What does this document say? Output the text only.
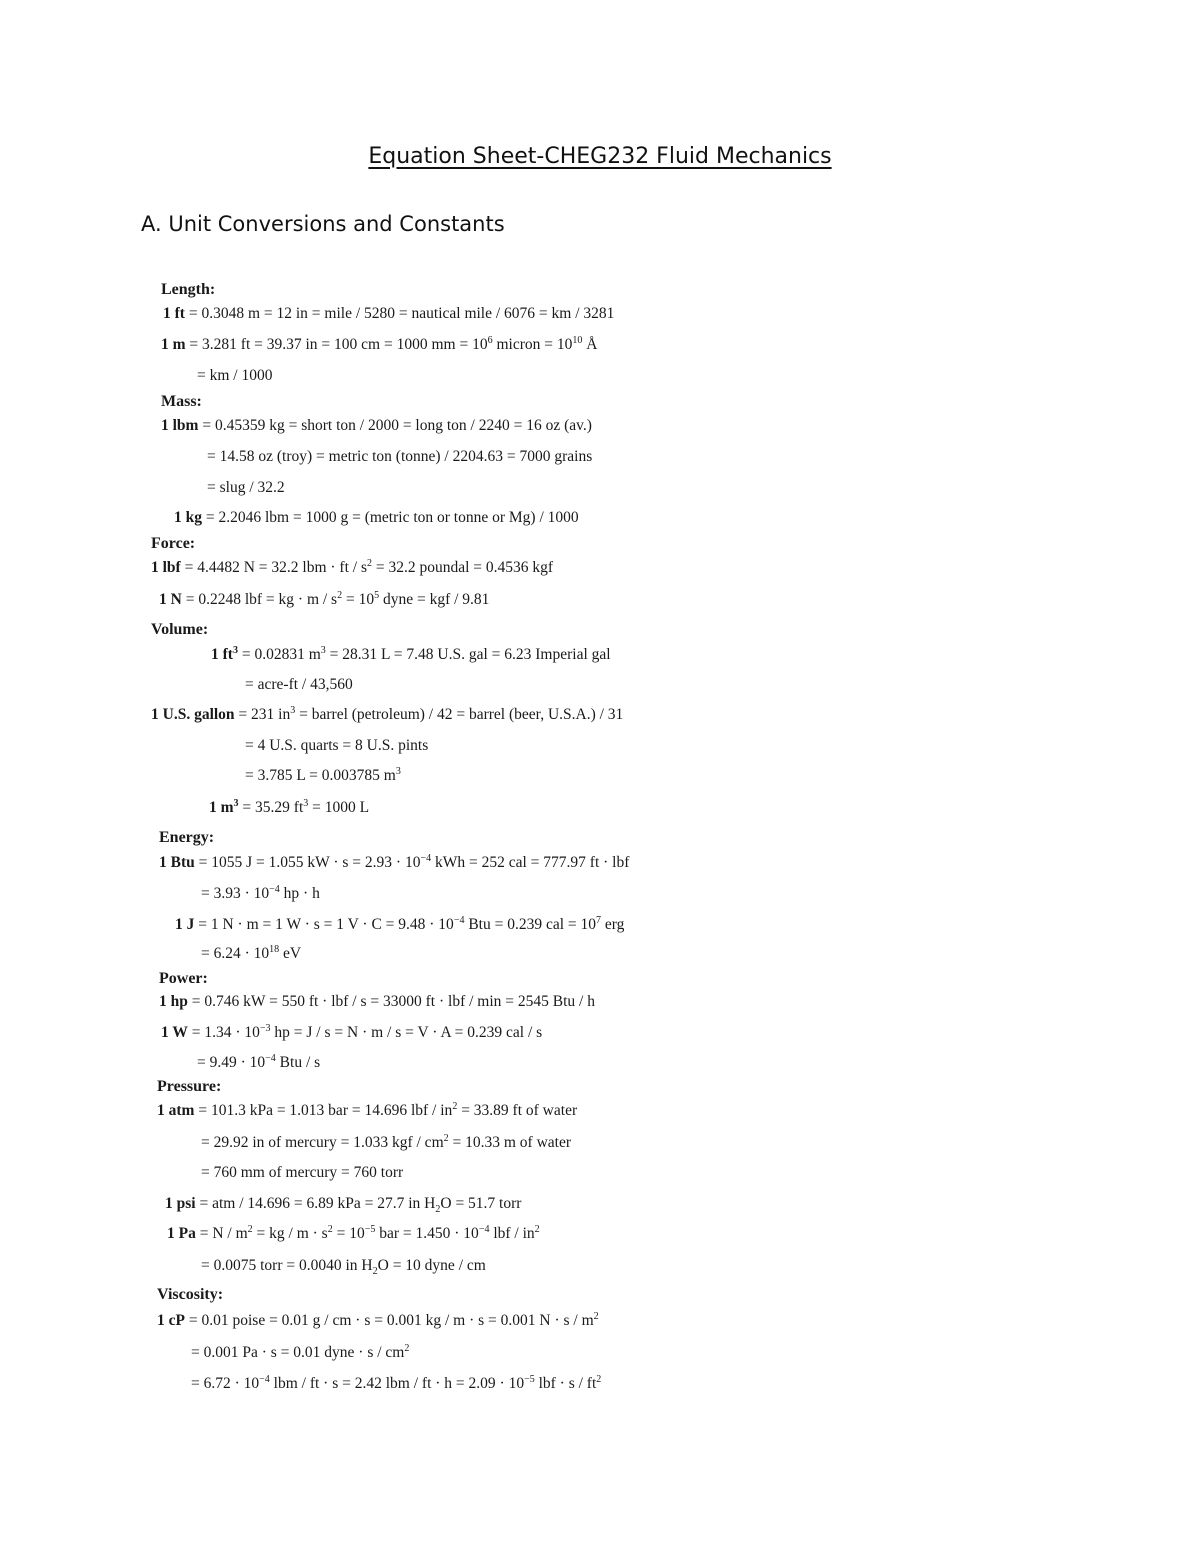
Equation Sheet-CHEG232 Fluid Mechanics
A. Unit Conversions and Constants
Length:
1 ft = 0.3048 m = 12 in = mile / 5280 = nautical mile / 6076 = km / 3281
1 m = 3.281 ft = 39.37 in = 100 cm = 1000 mm = $10^6$ micron = $10^{10}$ Å
= km / 1000
Mass:
1 lbm = 0.45359 kg = short ton / 2000 = long ton / 2240 = 16 oz (av.)
= 14.58 oz (troy) = metric ton (tonne) / 2204.63 = 7000 grains
= slug / 32.2
1 kg = 2.2046 lbm = 1000 g = (metric ton or tonne or Mg) / 1000
Force:
1 lbf = 4.4482 N = 32.2 lbm · ft / $s^2 = 32.2$ poundal = 0.4536 kgf
1 N = 0.2248 lbf = kg · $m / s^2 = 10^5$ dyne = kgf / 9.81
Volume:
1 $ft^3 = 0.02831$ $m^3 = 28.31$ L = 7.48 U.S. gal = 6.23 Imperial gal
= acre-ft / 43,560
1 U.S. gallon = 231 $in^3$ = barrel (petroleum) / 42 = barrel (beer, U.S.A.) / 31
= 4 U.S. quarts = 8 U.S. pints
= 3.785 L = 0.003785 $m^3$
1 $m^3 = 35.29$ $ft^3 = 1000$ L
Energy:
1 Btu = 1055 J = 1.055 kW · $s = 2.93 \cdot 10^{-4}$ kWh = 252 cal = 777.97 ft · lbf
= $3.93 \cdot 10^{-4}$ hp · h
1 J = 1 N · m = 1 W · s = 1 $V \cdot C = 9.48 \cdot 10^{-4}$ Btu = 0.239 cal = $10^7$ erg
= $6.24 \cdot 10^{18}$ eV
Power:
1 hp = 0.746 kW = 550 ft · lbf / s = 33000 ft · lbf / min = 2545 Btu / h
1 $W = 1.34 \cdot 10^{-3}$ hp = J / s = N · m / s = V · A = 0.239 cal / s
= $9.49 \cdot 10^{-4}$ Btu / s
Pressure:
1 atm = 101.3 kPa = 1.013 bar = 14.696 lbf / $in^2 = 33.89$ ft of water
= 29.92 in of mercury = 1.033 kgf / $cm^2 = 10.33$ m of water
= 760 mm of mercury = 760 torr
1 psi = atm / 14.696 = 6.89 kPa = 27.7 in $H_2O = 51.7$ torr
1 $Pa = N / m^2$ = kg / $m \cdot s^2 = 10^{-5}$ bar = $1.450 \cdot 10^{-4}$ lbf / $in^2$
= 0.0075 torr = 0.0040 in $H_2O = 10$ dyne / cm
Viscosity:
1 cP = 0.01 poise = 0.01 g / cm · s = 0.001 kg / m · s = 0.001 $N \cdot s / m^2$
= 0.001 Pa · s = 0.01 dyne · s / $cm^2$
= $6.72 \cdot 10^{-4}$ lbm / ft · s = 2.42 lbm / ft · $h = 2.09 \cdot 10^{-5}$ lbf · s / $ft^2$
